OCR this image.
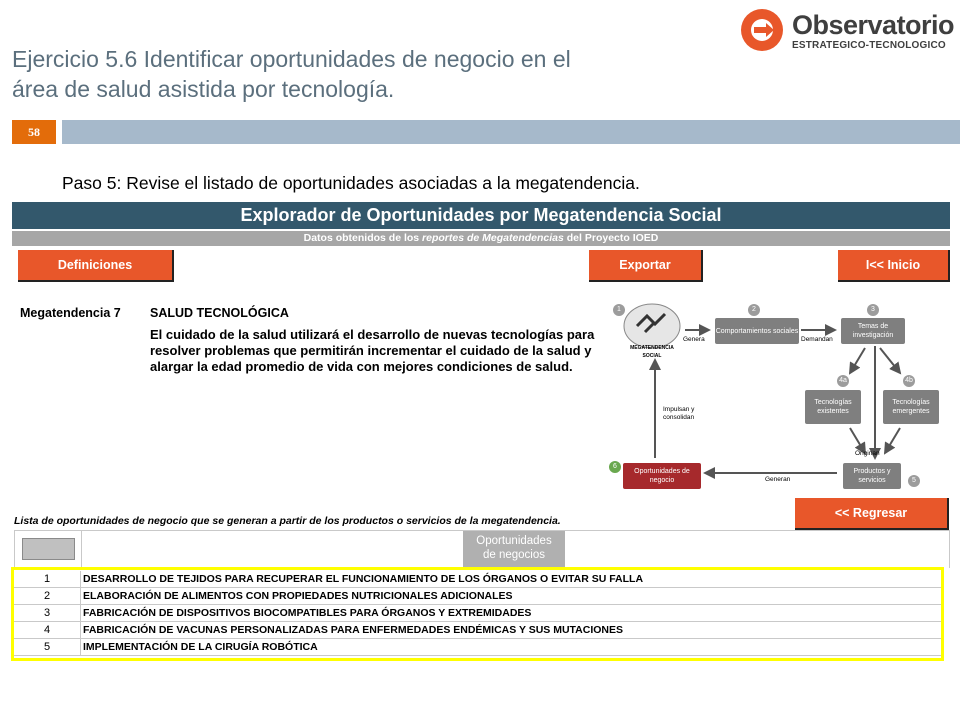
Ejercicio 5.6 Identificar oportunidades de negocio en el
área de salud asistida por tecnología.
Observatorio
ESTRATEGICO-TECNOLOGICO
58
Paso 5: Revise el listado de oportunidades asociadas a la megatendencia.
Explorador de Oportunidades por Megatendencia Social
Datos obtenidos de los reportes de Megatendencias del Proyecto IOED
Definiciones	Exportar	I<< Inicio
Megatendencia 7 SALUD TECNOLÓGICA
El cuidado de la salud utilizará el desarrollo de nuevas tecnologías para resolver problemas que permitirán incrementar el cuidado de la salud y alargar la edad promedio de vida con mejores condiciones de salud.
1
MEGATENDENCIA SOCIAL
2
Comportamientos sociales
3
Temas de investigación
4a
Tecnologías existentes
4b
Tecnologías emergentes
Productos y servicios	5
Oportunidades de negocio
6
Genera	Demandan
Originan
Generan
Impulsan y consolidan
Lista de oportunidades de negocio que se generan a partir de los productos o servicios de la megatendencia.
<< Regresar
Oportunidades
de negocios
1	DESARROLLO DE TEJIDOS PARA RECUPERAR EL FUNCIONAMIENTO DE LOS ÓRGANOS O EVITAR SU FALLA
2	ELABORACIÓN DE ALIMENTOS CON PROPIEDADES NUTRICIONALES ADICIONALES
3	FABRICACIÓN DE DISPOSITIVOS BIOCOMPATIBLES PARA ÓRGANOS Y EXTREMIDADES
4	FABRICACIÓN DE VACUNAS PERSONALIZADAS PARA ENFERMEDADES ENDÉMICAS Y SUS MUTACIONES
5	IMPLEMENTACIÓN DE LA CIRUGÍA ROBÓTICA
